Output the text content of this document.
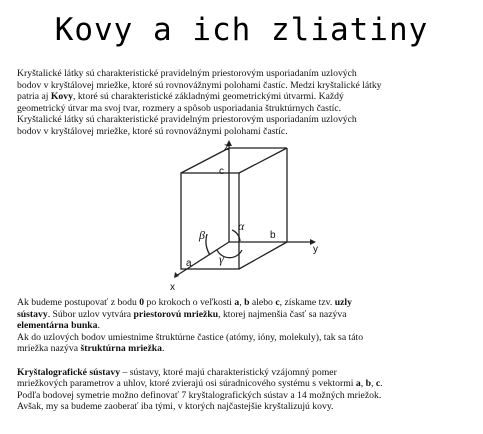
Kovy a ich zliatiny

Kryštalické látky sú charakteristické pravidelným priestorovým usporiadaním uzlových

bodov v kryštálovej mriežke, ktoré sú rovnovážnymi polohami častíc. Medzi kryštalické látky

patria aj Kovy, ktoré sú charakteristické základnými geometrickými útvarmi. Každý

geometrický útvar ma svoj tvar, rozmery a spôsob usporiadania štruktúrnych častíc.

Kryštalické látky sú charakteristické pravidelným priestorovým usporiadaním uzlových

bodov v kryštálovej mriežke, ktoré sú rovnovážnymi polohami častíc.

z
y
x
c
b
a
β
α
γ

Ak budeme postupovať z bodu 0 po krokoch o veľkosti a, b alebo c, získame tzv. uzly

sústavy. Súbor uzlov vytvára priestorovú mriežku, ktorej najmenšia časť sa nazýva

elementárna bunka.

Ak do uzlových bodov umiestnime štruktúrne častice (atómy, ióny, molekuly), tak sa táto

mriežka nazýva štruktúrna mriežka.

Kryštalografické sústavy – sústavy, ktoré majú charakteristický vzájomný pomer

mriežkových parametrov a uhlov, ktoré zvierajú osi súradnicového systému s vektormi a, b, c.

Podľa bodovej symetrie možno definovať 7 kryštalografických sústav a 14 možných mriežok.

Avšak, my sa budeme zaoberať iba tými, v ktorých najčastejšie kryštalizujú kovy.
